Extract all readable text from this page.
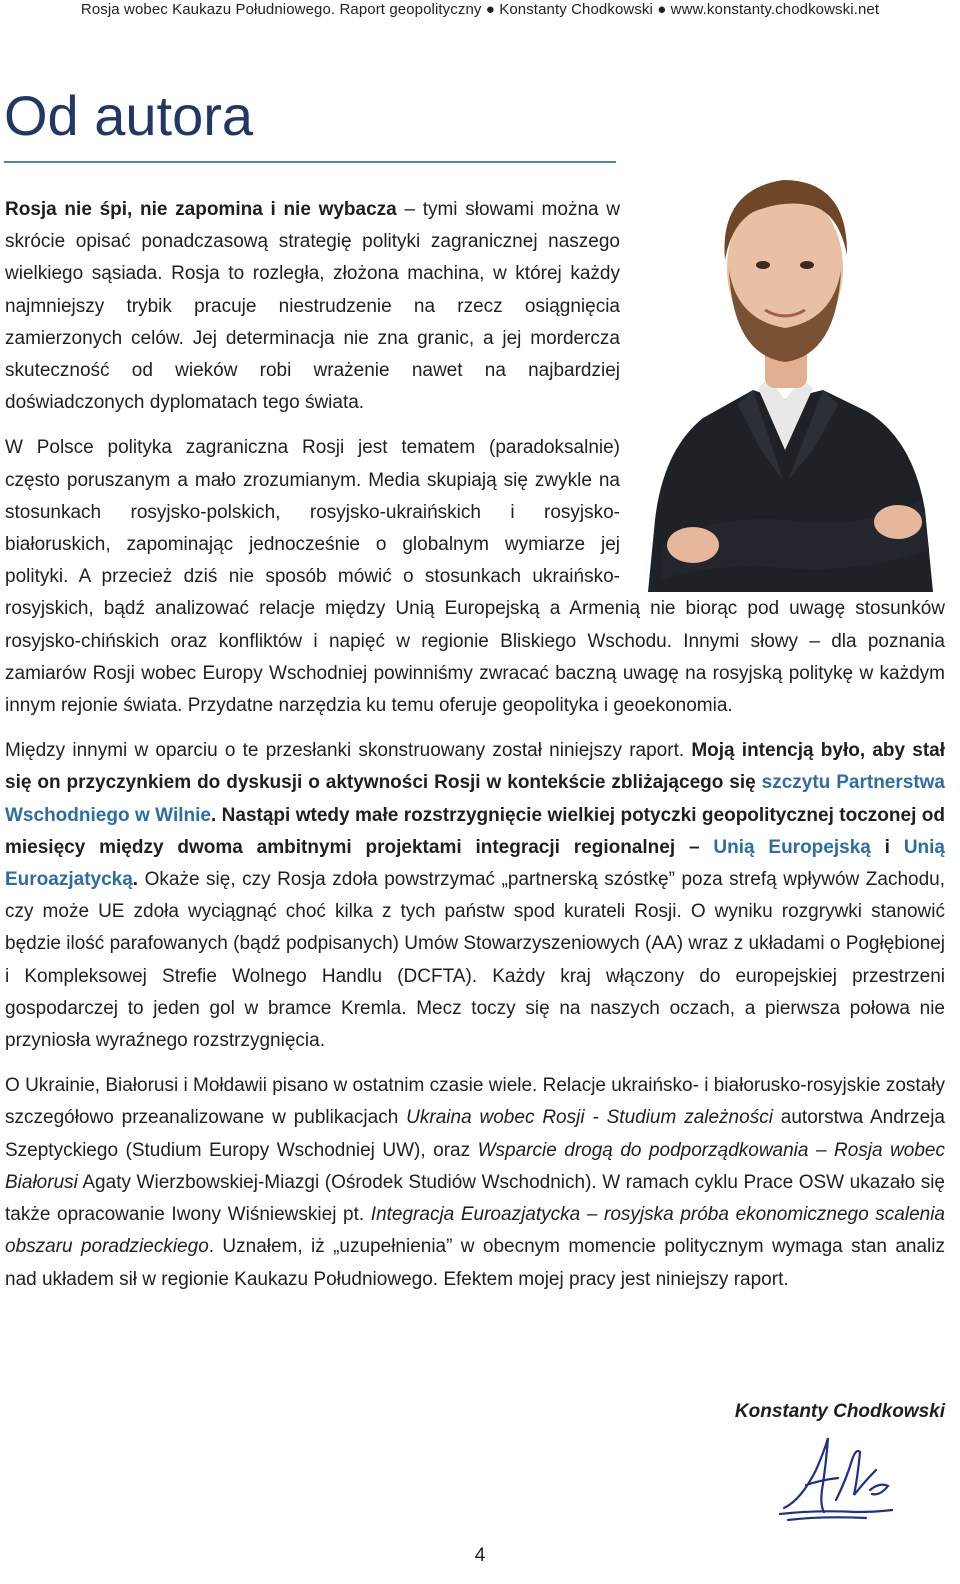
Rosja wobec Kaukazu Południowego. Raport geopolityczny ● Konstanty Chodkowski ● www.konstanty.chodkowski.net
Od autora

Rosja nie śpi, nie zapomina i nie wybacza – tymi słowami można w skrócie opisać ponadczasową strategię polityki zagranicznej naszego wielkiego sąsiada. Rosja to rozległa, złożona machina, w której każdy najmniejszy trybik pracuje niestrudzenie na rzecz osiągnięcia zamierzonych celów. Jej determinacja nie zna granic, a jej mordercza skuteczność od wieków robi wrażenie nawet na najbardziej doświadczonych dyplomatach tego świata.

W Polsce polityka zagraniczna Rosji jest tematem (paradoksalnie) często poruszanym a mało zrozumianym. Media skupiają się zwykle na stosunkach rosyjsko-polskich, rosyjsko-ukraińskich i rosyjsko-białoruskich, zapominając jednocześnie o globalnym wymiarze jej polityki. A przecież dziś nie sposób mówić o stosunkach ukraińsko-rosyjskich, bądź analizować relacje między Unią Europejską a Armenią nie biorąc pod uwagę stosunków rosyjsko-chińskich oraz konfliktów i napięć w regionie Bliskiego Wschodu. Innymi słowy – dla poznania zamiarów Rosji wobec Europy Wschodniej powinniśmy zwracać baczną uwagę na rosyjską politykę w każdym innym rejonie świata. Przydatne narzędzia ku temu oferuje geopolityka i geoekonomia.

Między innymi w oparciu o te przesłanki skonstruowany został niniejszy raport. Moją intencją było, aby stał się on przyczynkiem do dyskusji o aktywności Rosji w kontekście zbliżającego się szczytu Partnerstwa Wschodniego w Wilnie. Nastąpi wtedy małe rozstrzygnięcie wielkiej potyczki geopolitycznej toczonej od miesięcy między dwoma ambitnymi projektami integracji regionalnej – Unią Europejską i Unią Euroazjatycką. Okaże się, czy Rosja zdoła powstrzymać „partnerską szóstkę” poza strefą wpływów Zachodu, czy może UE zdoła wyciągnąć choć kilka z tych państw spod kurateli Rosji. O wyniku rozgrywki stanowić będzie ilość parafowanych (bądź podpisanych) Umów Stowarzyszeniowych (AA) wraz z układami o Pogłębionej i Kompleksowej Strefie Wolnego Handlu (DCFTA). Każdy kraj włączony do europejskiej przestrzeni gospodarczej to jeden gol w bramce Kremla. Mecz toczy się na naszych oczach, a pierwsza połowa nie przyniosła wyraźnego rozstrzygnięcia.

O Ukrainie, Białorusi i Mołdawii pisano w ostatnim czasie wiele. Relacje ukraińsko- i białorusko-rosyjskie zostały szczegółowo przeanalizowane w publikacjach Ukraina wobec Rosji - Studium zależności autorstwa Andrzeja Szeptyckiego (Studium Europy Wschodniej UW), oraz Wsparcie drogą do podporządkowania – Rosja wobec Białorusi Agaty Wierzbowskiej-Miazgi (Ośrodek Studiów Wschodnich). W ramach cyklu Prace OSW ukazało się także opracowanie Iwony Wiśniewskiej pt. Integracja Euroazjatycka – rosyjska próba ekonomicznego scalenia obszaru poradzieckiego. Uznałem, iż „uzupełnienia” w obecnym momencie politycznym wymaga stan analiz nad układem sił w regionie Kaukazu Południowego. Efektem mojej pracy jest niniejszy raport.

Konstanty Chodkowski
4
